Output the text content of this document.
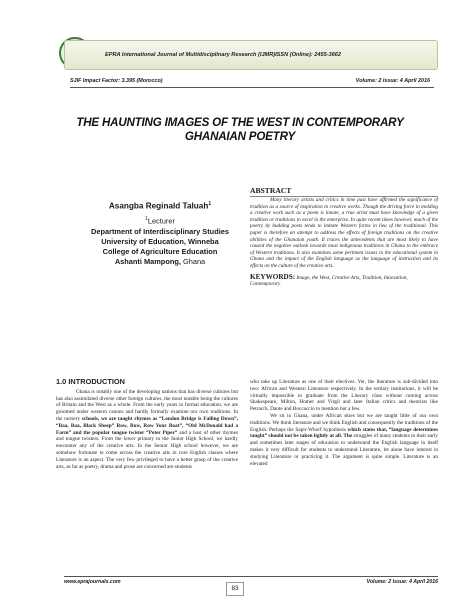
EPRA International Journal of Multidisciplinary Research (IJMR) ISSN (Online): 2455-3662
SJIF Impact Factor: 3.395 (Morocco)	Volume: 2 Issue: 4 April 2016
THE HAUNTING IMAGES OF THE WEST IN CONTEMPORARY GHANAIAN POETRY
Asangba Reginald Taluah$^1$
$^1$Lecturer
Department of Interdisciplinary Studies
University of Education, Winneba
College of Agriculture Education
Ashanti Mampong, Ghana
ABSTRACT

Many literary artists and critics in time past have affirmed the significance of tradition as a source of inspiration in creative works. Though the driving force in molding a creative work such as a poem is innate, a true artist must have knowledge of a given tradition or traditions to excel in the enterprise. In quite recent times however, much of the poetry by budding poets tends to imitate Western forms in lieu of the traditional. This paper is therefore an attempt to address the effects of foreign traditions on the creative abilities of the Ghanaian youth. It traces the antecedents that are most likely to have caused the negative outlook towards most indigenous traditions in Ghana to the embrace of Western traditions. It also examines some pertinent issues in the educational system in Ghana and the impact of the English language as the language of instruction and its effects on the culture of the creative arts.

KEYWORDS: Image, the West, Creative Arts, Tradition, Innovation, Contemporary

1.0 INTRODUCTION

Ghana is notably one of the developing nations that has diverse cultures but has also assimilated diverse other foreign cultures, the most notable being the cultures of Britain and the West as a whole. From the early years in formal education, we are groomed under western canons and hardly formally examine our own traditions. In the nursery schools, we are taught rhymes as “London Bridge is Falling Down”, “Baa, Baa, Black Sheep” Row, Row, Row Your Boat”, “Old McDonald had a Farm” and the popular tongue twister “Peter Piper” and a host of other rhymes and tongue twisters. From the lower primary to the Junior High School, we hardly encounter any of the creative arts. In the Senior High school however, we are somehow fortunate to come across the creative arts in core English classes where Literature is an aspect. The very few privileged to have a better grasp of the creative arts, as far as poetry, drama and prose are concerned are students

who take up Literature as one of their electives. Yet, the literature is sub-divided into two: African and Western Literature respectively. In the tertiary institutions, it will be virtually impossible to graduate from the Literary class without coming across Shakespeare, Milton, Homer and Virgil and later Italian critics and theorists like Petrarch, Dante and Boccaccio to mention but a few.

We sit in Ghana, under African skies but we are taught little of our own traditions. We think literature and we think English and consequently the traditions of the English. Perhaps the Sapir-Whorf hypothesis which states that, “language determines taught” should not be taken lightly at all. The struggles of many students in their early and sometimes later stages of education to understand the English language in itself makes it very difficult for students to understand Literature, let alone have interest in studying Literature or practicing it. The argument is quite simple. Literature is an elevated

www.eprajournals.com	Volume: 2 Issue: 4 April 2016
83
